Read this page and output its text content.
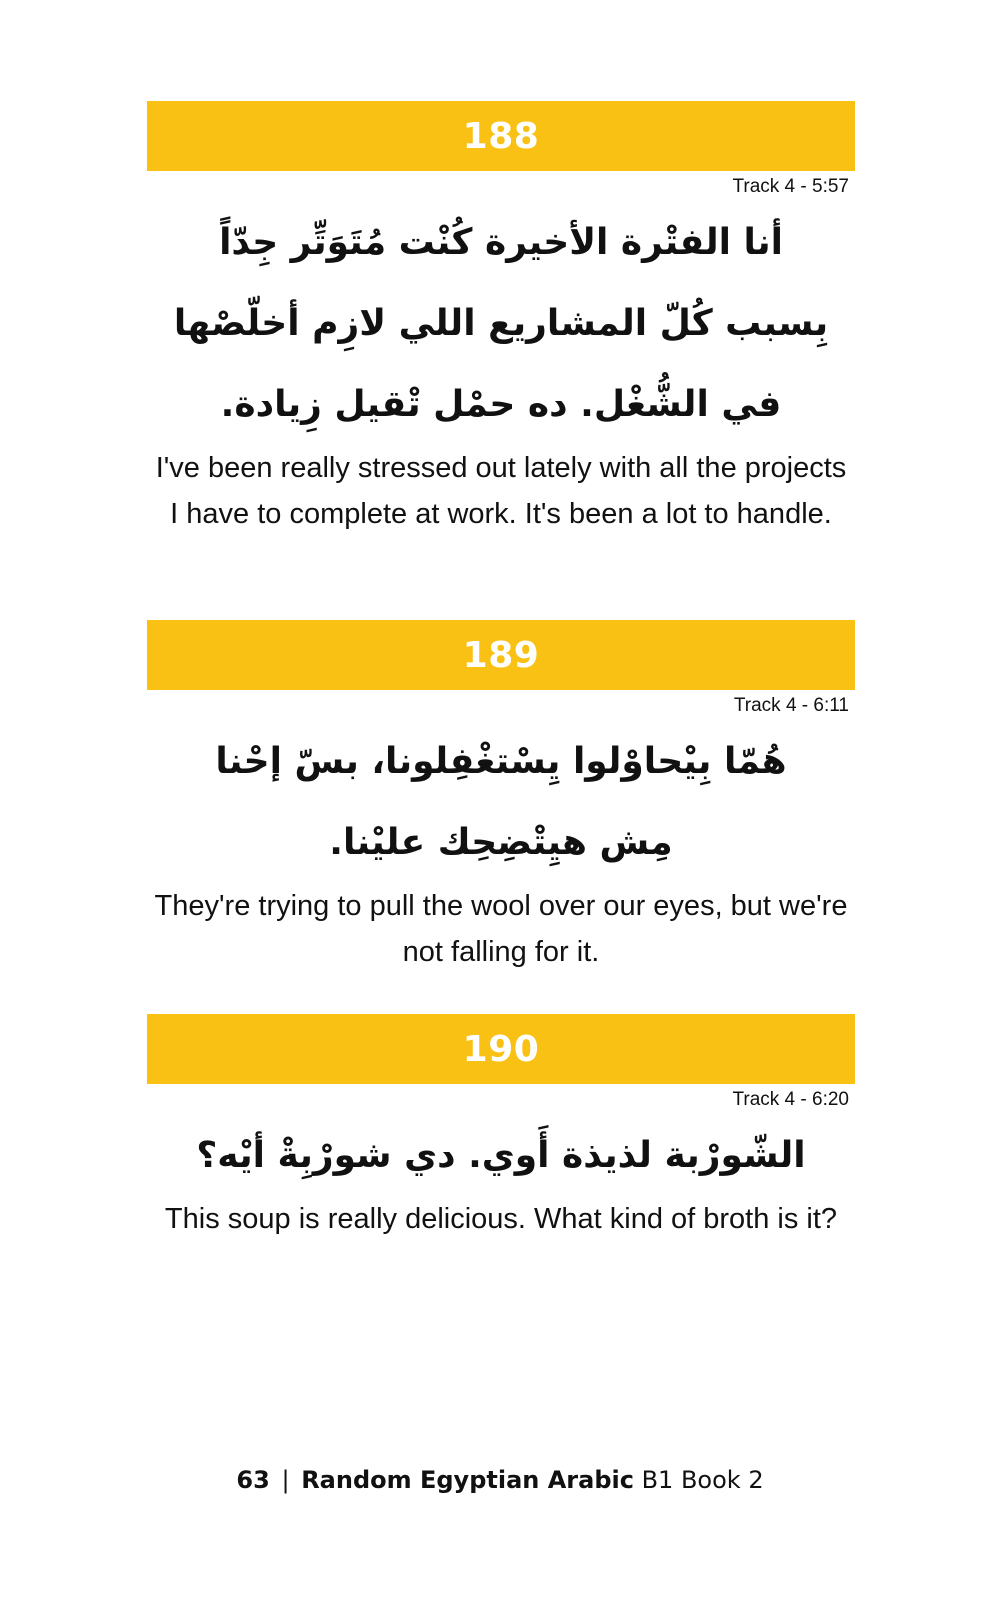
188
Track 4 - 5:57
أنا الفتْرة الأخيرة كُنْت مُتَوَتِّر جِدّاً بِسبب كُلّ المشاريع اللي لازِم أخلّصْها في الشُّغْل. ده حمْل تْقيل زِيادة.
I've been really stressed out lately with all the projects I have to complete at work. It's been a lot to handle.
189
Track 4 - 6:11
هُمّا بِيْحاوْلوا يِسْتغْفِلونا، بسّ إحْنا مِش هيِتْضِحِك عليْنا.
They're trying to pull the wool over our eyes, but we're not falling for it.
190
Track 4 - 6:20
الشّورْبة لذيذة أَوي. دي شورْبِةْ أيْه؟
This soup is really delicious. What kind of broth is it?
63 | Random Egyptian Arabic B1 Book 2
